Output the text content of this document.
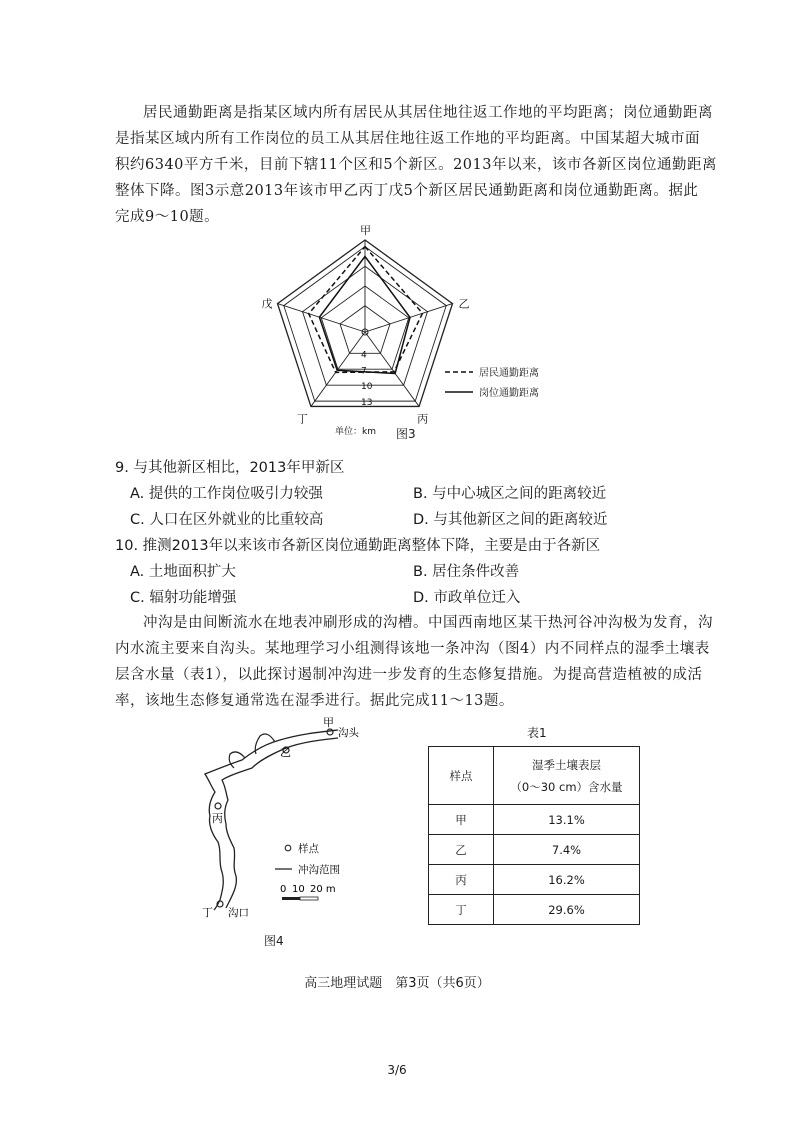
居民通勤距离是指某区域内所有居民从其居住地往返工作地的平均距离；岗位通勤距离
是指某区域内所有工作岗位的员工从其居住地往返工作地的平均距离。中国某超大城市面
积约6340平方千米，目前下辖11个区和5个新区。2013年以来，该市各新区岗位通勤距离
整体下降。图3示意2013年该市甲乙丙丁戊5个新区居民通勤距离和岗位通勤距离。据此
完成9～10题。
甲
乙
丙
丁
戊
4
7
10
13
单位：km
居民通勤距离
岗位通勤距离
图3
9. 与其他新区相比，2013年甲新区
A. 提供的工作岗位吸引力较强	B. 与中心城区之间的距离较近
C. 人口在区外就业的比重较高	D. 与其他新区之间的距离较近
10. 推测2013年以来该市各新区岗位通勤距离整体下降，主要是由于各新区
A. 土地面积扩大	B. 居住条件改善
C. 辐射功能增强	D. 市政单位迁入
冲沟是由间断流水在地表冲刷形成的沟槽。中国西南地区某干热河谷冲沟极为发育，沟
内水流主要来自沟头。某地理学习小组测得该地一条冲沟（图4）内不同样点的湿季土壤表
层含水量（表1），以此探讨遏制冲沟进一步发育的生态修复措施。为提高营造植被的成活
率，该地生态修复通常选在湿季进行。据此完成11～13题。
甲
沟头
乙
丙
丁 沟口
样点
冲沟范围
0 10 20 m
图4
表1
样点	湿季土壤表层
（0～30 cm）含水量

甲	13.1%
乙	7.4%
丙	16.2%
丁	29.6%
高三地理试题　第3页（共6页）
3/6
